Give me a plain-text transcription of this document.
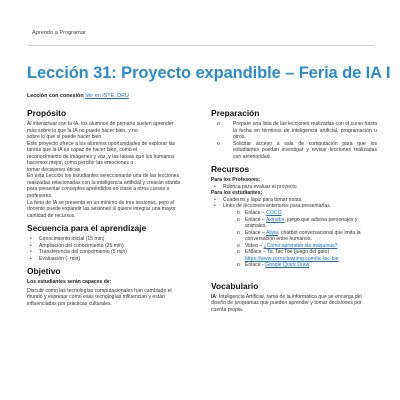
Aprendo a Programar
Lección 31: Proyecto expandible – Feria de IA I
Lección con conexión Ver en ISTE, DRU
Propósito

Al interactuar con la IA, los alumnos de primaria suelen aprender

más sobre lo que la IA no puede hacer bien, y no

sobre lo que sí puede hacer bien.

Este proyecto ofrece a los alumnos oportunidades de explorar las

tareas que la IA es capaz de hacer bien, como el

reconocimiento de imágenes y voz, y las tareas que los humanos

hacemos mejor, como percibir las emociones o

tomar decisiones éticas.

En esta Lección los estudiantes seleccionarán una de las lecciones

realizadas relacionadas con la inteligencia artificial y crearán stands

para presentar conceptos aprendidos en clase a otros cursos o

profesores.

La feria de IA se presenta en un mínimo de tres sesiones, pero el

docente puede expandir las sesiones si quiere integrar una mayor

cantidad de recursos.

Secuencia para el aprendizaje
• Conocimiento inicial (15 min)
• Ampliación del conocimiento (25 min)
• Transferencia del conocimiento (5 min)
• Evaluación (- min)
Objetivo

Los estudiantes serán capaces de:

Discutir como las tecnologías computacionales han cambiado el

mundo y expresar como esas tecnologías influencian y están

influenciadas por prácticas culturales.

Preparación
o Prepare una lista de las lecciones realizadas con el curso hasta la fecha en términos de inteligencia artificial, programación u otros.
o Solicitar acceso a sala de computación para que los estudiantes puedan investigar y revisar lecciones realizadas con anterioridad.
Recursos

Para los Profesores:

• Rúbrica para evaluar el proyecto.

Para los estudiantes:

• Cuaderno y lápiz para tomar notas.
• Links de lecciones anteriores para presentarlas.
o Enlace – COCO
o Enlace – Akinator, juego que adivina personajes y

animales.

o Enlace – Aliyia, chatbot conversacional que imita la

conversación entre humanos.

o Video – ¿Cómo aprenden las máquinas?
o ENlace – Tic Tac Toe (juego del gato)

https://www.zorroclowning.com/tic-tac-toe

o Enlace - Google Quick Draw.
Vocabulario

IA: Inteligencia Artificial, rama de la informática que se encarga del

diseño de programas que pueden aprender y tomar decisiones por

cuenta propia.
